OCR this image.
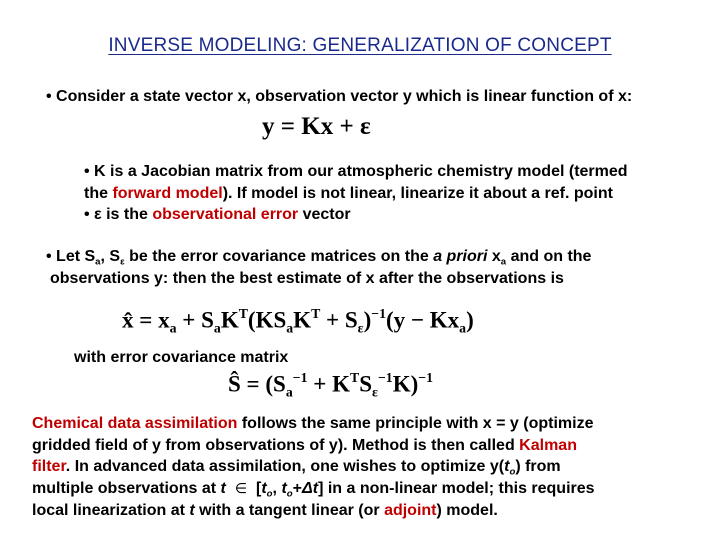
INVERSE MODELING: GENERALIZATION OF CONCEPT
• Consider a state vector x, observation vector y which is linear function of x:
y = Kx + ε
• K is a Jacobian matrix from our atmospheric chemistry model (termed
the forward model). If model is not linear, linearize it about a ref. point
• ε is the observational error vector
• Let $S_a$, $S_\varepsilon$ be the error covariance matrices on the a priori $x_a$ and on the
observations y: then the best estimate of x after the observations is
x̂ = $x_a + S_aK^T(KS_aK^T + S_\varepsilon)^{-1}(y - Kx_a)$
with error covariance matrix
Ŝ = $(S_a^{-1} + K^TS_\varepsilon^{-1}K)^{-1}$
Chemical data assimilation follows the same principle with x = y (optimize
gridded field of y from observations of y). Method is then called Kalman
filter. In advanced data assimilation, one wishes to optimize $y(t_o)$ from
multiple observations at t ∈ [$t_o$, $t_o+\Delta t$] in a non-linear model; this requires
local linearization at t with a tangent linear (or adjoint) model.
